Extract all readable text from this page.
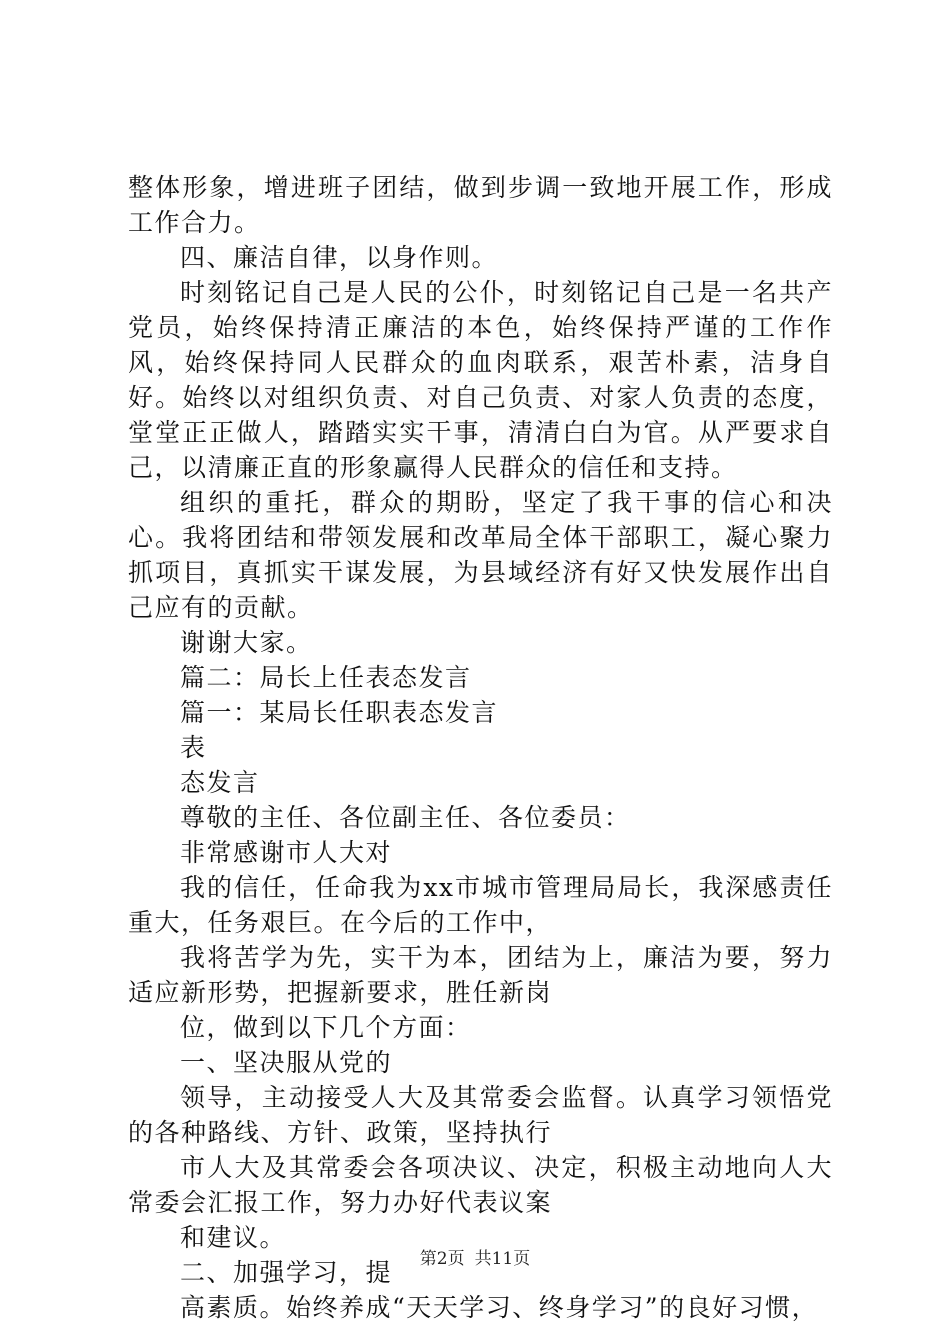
整体形象，增进班子团结，做到步调一致地开展工作，形成工作合力。

四、廉洁自律，以身作则。

时刻铭记自己是人民的公仆，时刻铭记自己是一名共产党员，始终保持清正廉洁的本色，始终保持严谨的工作作风，始终保持同人民群众的血肉联系，艰苦朴素，洁身自好。始终以对组织负责、对自己负责、对家人负责的态度，堂堂正正做人，踏踏实实干事，清清白白为官。从严要求自己，以清廉正直的形象赢得人民群众的信任和支持。

组织的重托，群众的期盼，坚定了我干事的信心和决心。我将团结和带领发展和改革局全体干部职工，凝心聚力抓项目，真抓实干谋发展，为县域经济有好又快发展作出自己应有的贡献。

谢谢大家。

篇二：局长上任表态发言

篇一：某局长任职表态发言

表

态发言

尊敬的主任、各位副主任、各位委员：

非常感谢市人大对

我的信任，任命我为xx市城市管理局局长，我深感责任重大，任务艰巨。在今后的工作中，

我将苦学为先，实干为本，团结为上，廉洁为要，努力适应新形势，把握新要求，胜任新岗

位，做到以下几个方面：

一、坚决服从党的

领导，主动接受人大及其常委会监督。认真学习领悟党的各种路线、方针、政策，坚持执行

市人大及其常委会各项决议、决定，积极主动地向人大常委会汇报工作，努力办好代表议案

和建议。

二、加强学习，提

高素质。始终养成“天天学习、终身学习”的良好习惯，

第2页 共11页
